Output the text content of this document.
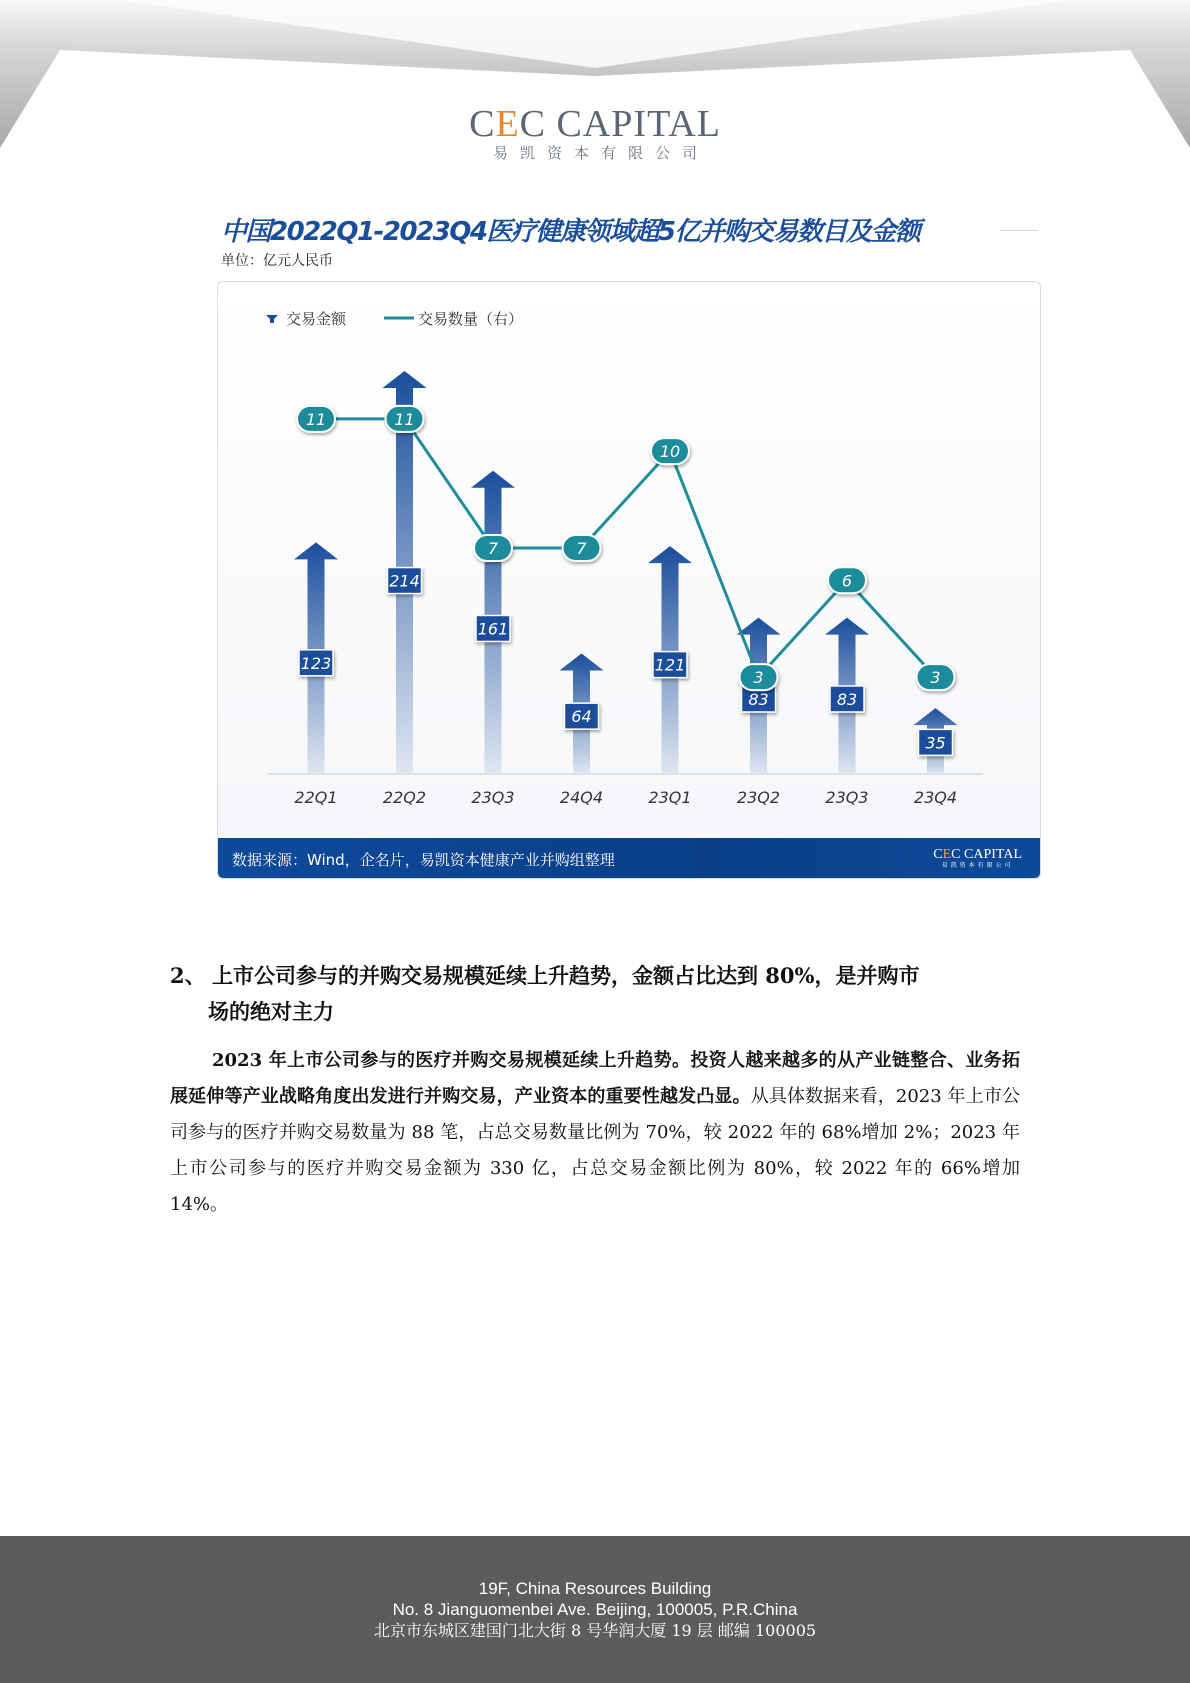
CEC CAPITAL
易凯资本有限公司
中国2022Q1-2023Q4医疗健康领域超5亿并购交易数目及金额
单位：亿元人民币
交易金额	交易数量（右）
123
214
161
64
121
83	83
35
11	11
7	7
10
3
6
3
22Q1	22Q2	23Q3	24Q4	23Q1	23Q2	23Q3	23Q4
数据来源：Wind，企名片，易凯资本健康产业并购组整理	CEC CAPITAL
易凯资本有限公司
2、 上市公司参与的并购交易规模延续上升趋势，金额占比达到 80%，是并购市
场的绝对主力
2023 年上市公司参与的医疗并购交易规模延续上升趋势。投资人越来越多的从产业链整合、业务拓展延伸等产业战略角度出发进行并购交易，产业资本的重要性越发凸显。从具体数据来看，2023 年上市公司参与的医疗并购交易数量为 88 笔，占总交易数量比例为 70%，较 2022 年的 68%增加 2%；2023 年上市公司参与的医疗并购交易金额为 330 亿，占总交易金额比例为 80%，较 2022 年的 66%增加 14%。
19F, China Resources Building
No. 8 Jianguomenbei Ave. Beijing, 100005, P.R.China
北京市东城区建国门北大街 8 号华润大厦 19 层 邮编 100005
